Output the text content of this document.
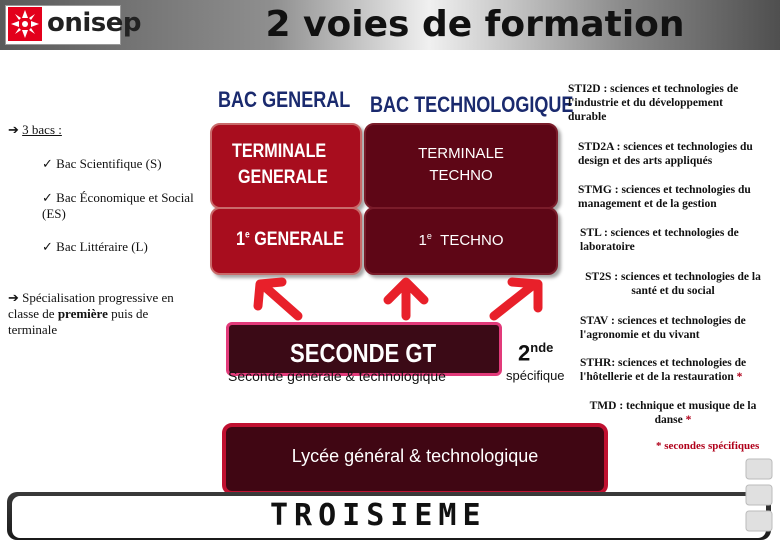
onisep	2 voies de formation
BAC GENERAL BAC TECHNOLOGIQUE
➔ 3 bacs :
✓ Bac Scientifique (S)
✓ Bac Économique et Social (ES)
✓ Bac Littéraire (L)
➔ Spécialisation progressive en classe de première puis de terminale
TERMINALE
GENERALE
TERMINALE
TECHNO
1e GENERALE	1e TECHNO
SECONDE GT
Seconde générale & technologique
2nde
spécifique
Lycée général & technologique
TROISIEME
STI2D : sciences et technologies de l'industrie et du développement durable
STD2A : sciences et technologies du design et des arts appliqués
STMG : sciences et technologies du management et de la gestion
STL : sciences et technologies de laboratoire
ST2S : sciences et technologies de la santé et du social
STAV : sciences et technologies de l'agronomie et du vivant
STHR: sciences et technologies de l'hôtellerie et de la restauration *
TMD : technique et musique de la danse *
* secondes spécifiques
